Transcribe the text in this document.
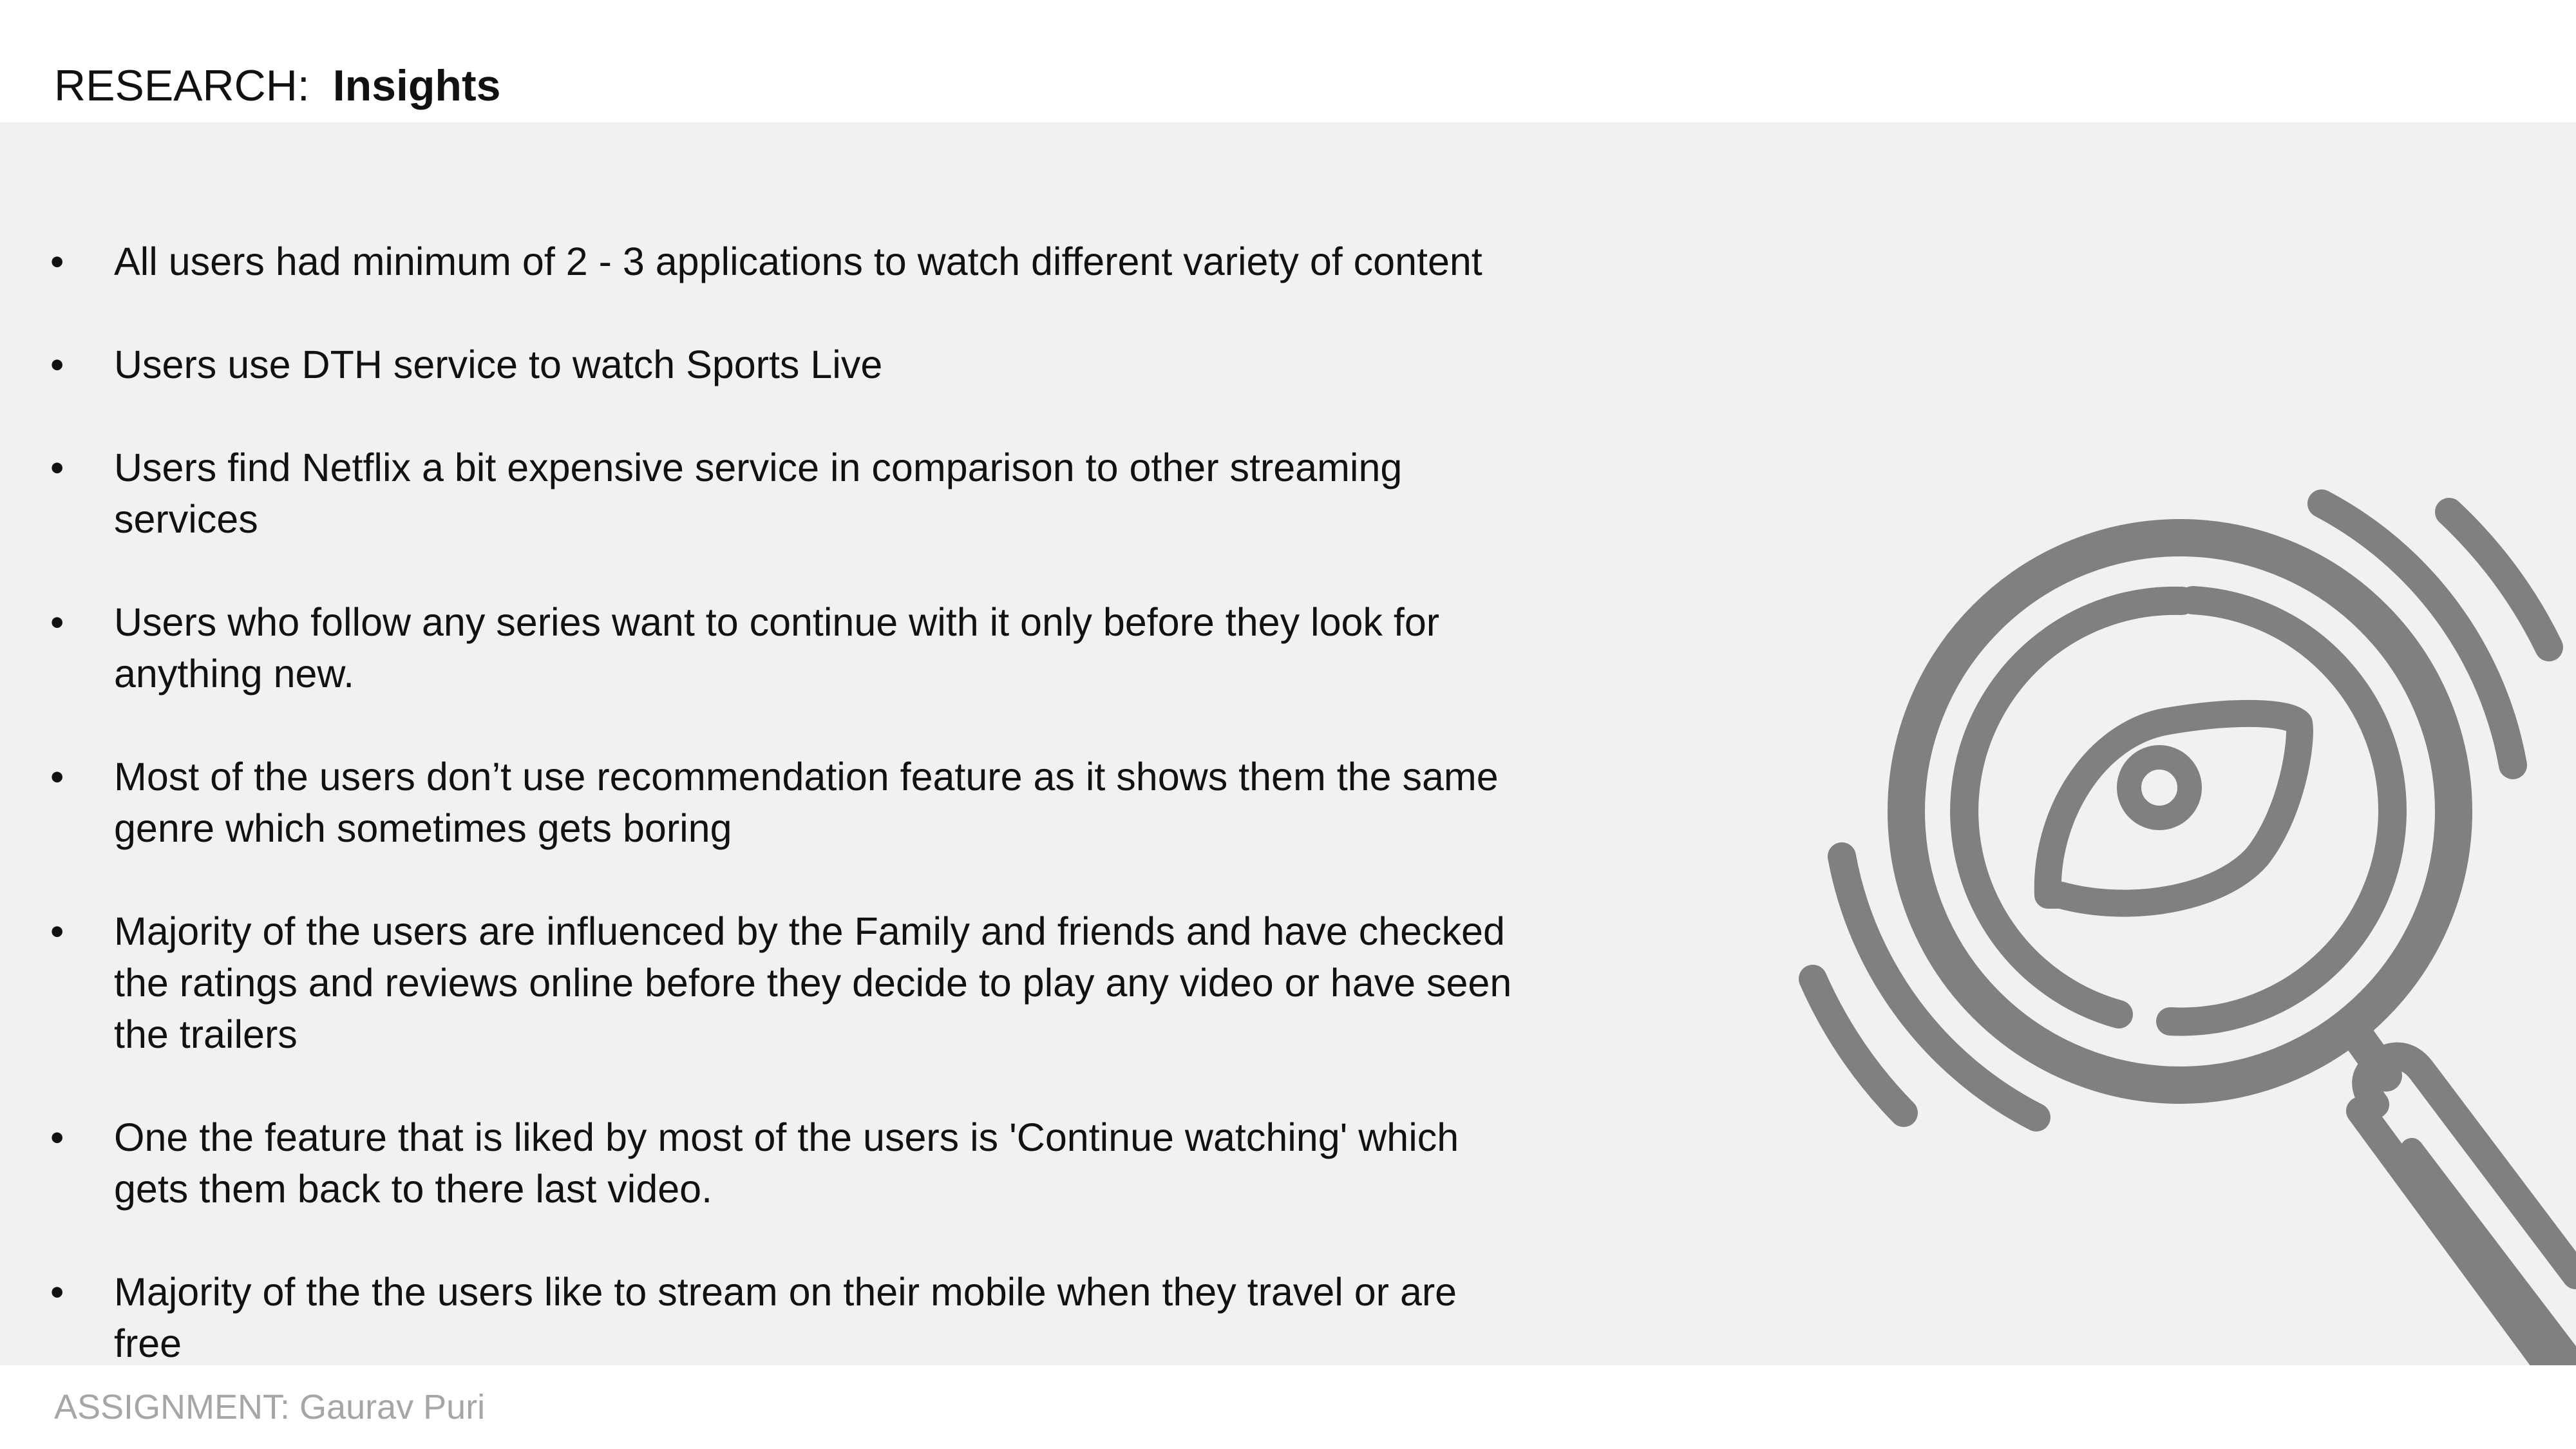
RESEARCH: Insights
• All users had minimum of 2 - 3 applications to watch different variety of content
• Users use DTH service to watch Sports Live
• Users find Netflix a bit expensive service in comparison to other streaming services
• Users who follow any series want to continue with it only before they look for anything new.
• Most of the users don’t use recommendation feature as it shows them the same genre which sometimes gets boring
• Majority of the users are influenced by the Family and friends and have checked the ratings and reviews online before they decide to play any video or have seen the trailers
• One the feature that is liked by most of the users is 'Continue watching' which gets them back to there last video.
• Majority of the the users like to stream on their mobile when they travel or are free
ASSIGNMENT: Gaurav Puri
